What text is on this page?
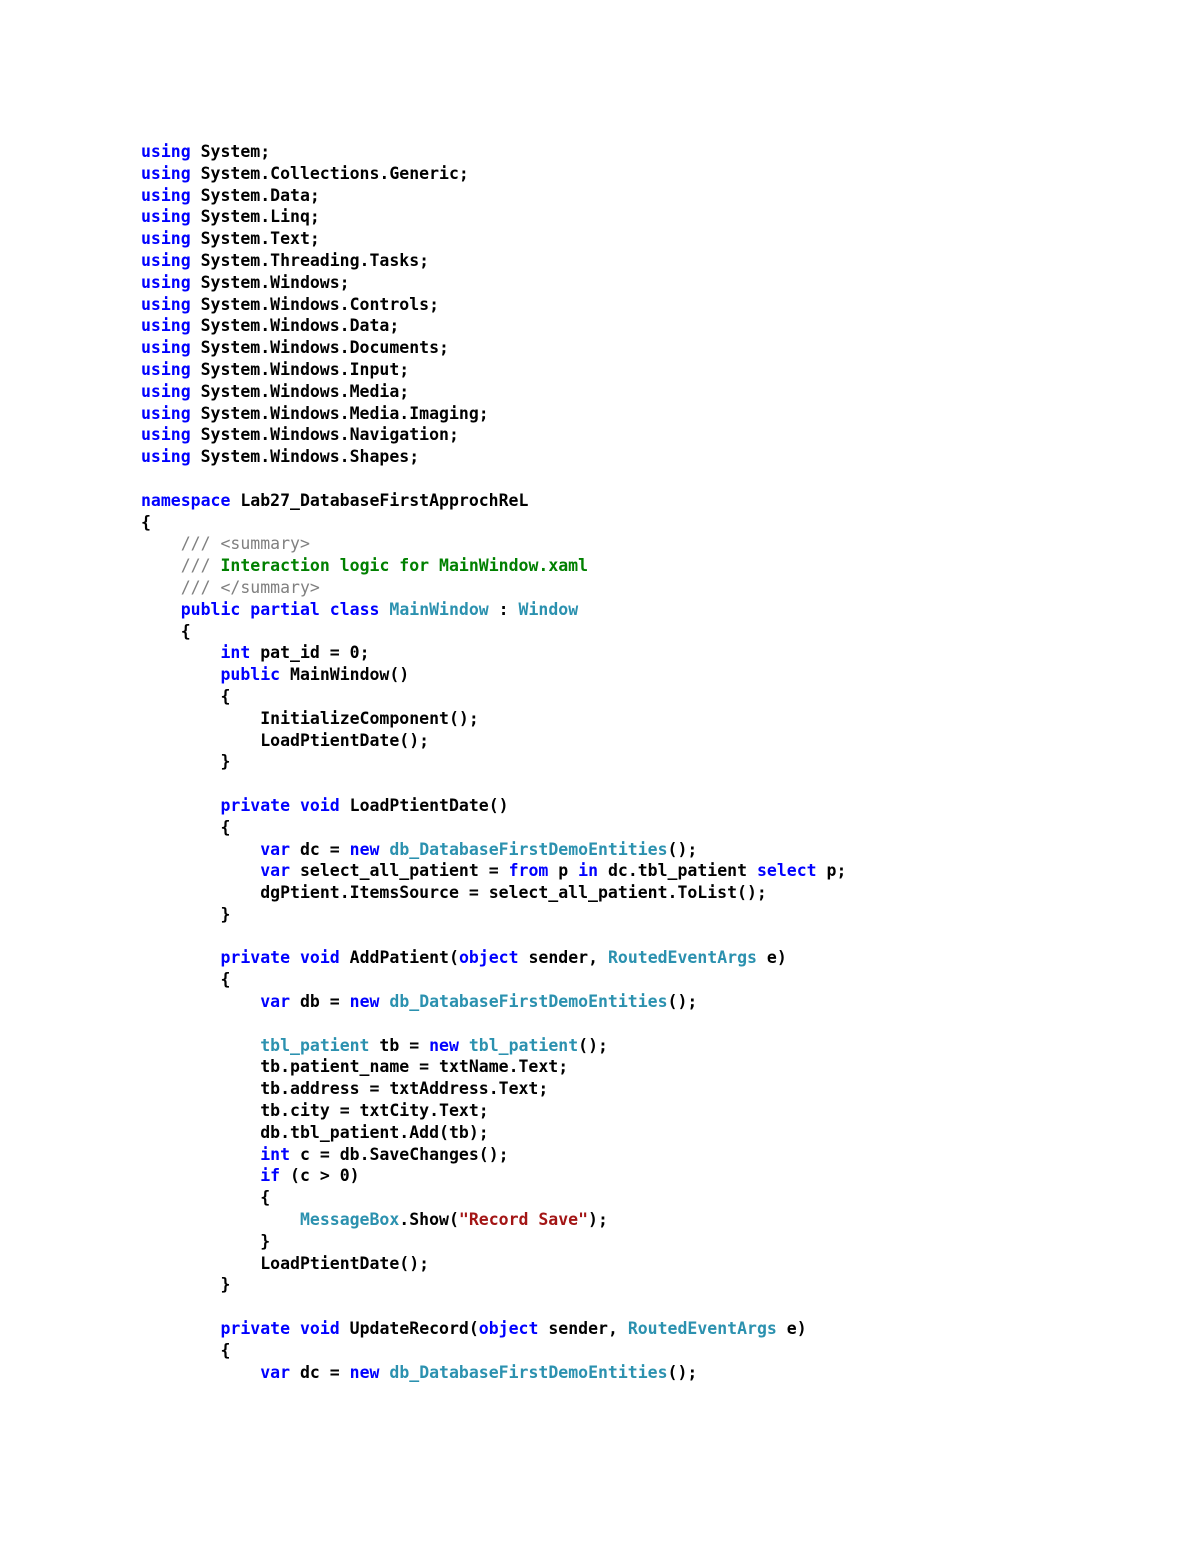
using System;
using System.Collections.Generic;
using System.Data;
using System.Linq;
using System.Text;
using System.Threading.Tasks;
using System.Windows;
using System.Windows.Controls;
using System.Windows.Data;
using System.Windows.Documents;
using System.Windows.Input;
using System.Windows.Media;
using System.Windows.Media.Imaging;
using System.Windows.Navigation;
using System.Windows.Shapes;
namespace Lab27_DatabaseFirstApprochReL
{
/// <summary>
/// Interaction logic for MainWindow.xaml
/// </summary>
public partial class MainWindow : Window
{
int pat_id = 0;
public MainWindow()
{
InitializeComponent();
LoadPtientDate();
}
private void LoadPtientDate()
{
var dc = new db_DatabaseFirstDemoEntities();
var select_all_patient = from p in dc.tbl_patient select p;
dgPtient.ItemsSource = select_all_patient.ToList();
}
private void AddPatient(object sender, RoutedEventArgs e)
{
var db = new db_DatabaseFirstDemoEntities();
tbl_patient tb = new tbl_patient();
tb.patient_name = txtName.Text;
tb.address = txtAddress.Text;
tb.city = txtCity.Text;
db.tbl_patient.Add(tb);
int c = db.SaveChanges();
if (c > 0)
{
MessageBox.Show("Record Save");
}
LoadPtientDate();
}
private void UpdateRecord(object sender, RoutedEventArgs e)
{
var dc = new db_DatabaseFirstDemoEntities();
